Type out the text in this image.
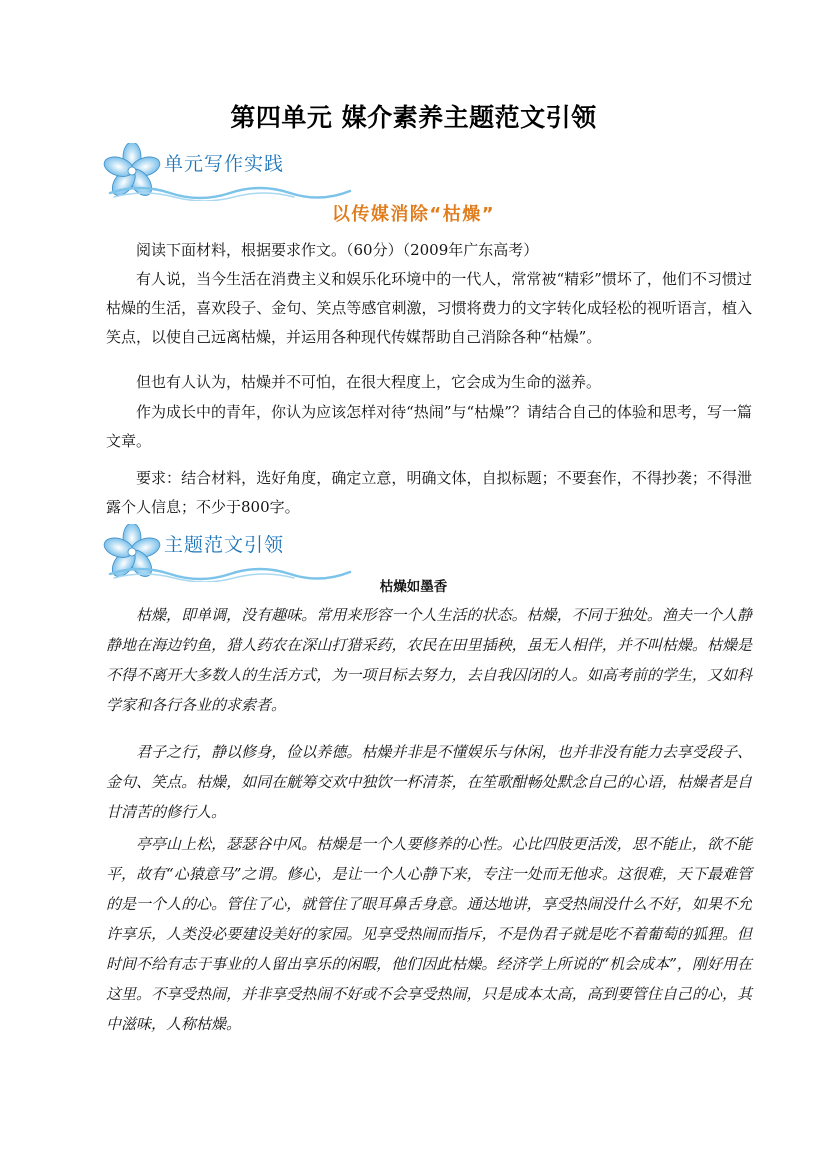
第四单元 媒介素养主题范文引领
单元写作实践
以传媒消除“枯燥”

阅读下面材料，根据要求作文。（60分）（2009年广东高考）

有人说，当今生活在消费主义和娱乐化环境中的一代人，常常被“精彩”惯坏了，他们不习惯过枯燥的生活，喜欢段子、金句、笑点等感官刺激，习惯将费力的文字转化成轻松的视听语言，植入笑点，以使自己远离枯燥，并运用各种现代传媒帮助自己消除各种“枯燥”。

但也有人认为，枯燥并不可怕，在很大程度上，它会成为生命的滋养。

作为成长中的青年，你认为应该怎样对待“热闹”与“枯燥”？请结合自己的体验和思考，写一篇文章。

要求：结合材料，选好角度，确定立意，明确文体，自拟标题；不要套作，不得抄袭；不得泄露个人信息；不少于800字。

主题范文引领
枯燥如墨香

枯燥，即单调，没有趣味。常用来形容一个人生活的状态。枯燥，不同于独处。渔夫一个人静静地在海边钓鱼，猎人药农在深山打猎采药，农民在田里插秧，虽无人相伴，并不叫枯燥。枯燥是不得不离开大多数人的生活方式，为一项目标去努力，去自我囚闭的人。如高考前的学生，又如科学家和各行各业的求索者。

君子之行，静以修身，俭以养德。枯燥并非是不懂娱乐与休闲，也并非没有能力去享受段子、金句、笑点。枯燥，如同在觥筹交欢中独饮一杯清茶，在笙歌酣畅处默念自己的心语，枯燥者是自甘清苦的修行人。

亭亭山上松，瑟瑟谷中风。枯燥是一个人要修养的心性。心比四肢更活泼，思不能止，欲不能平，故有“心猿意马”之谓。修心，是让一个人心静下来，专注一处而无他求。这很难，天下最难管的是一个人的心。管住了心，就管住了眼耳鼻舌身意。通达地讲，享受热闹没什么不好，如果不允许享乐，人类没必要建设美好的家园。见享受热闹而指斥，不是伪君子就是吃不着葡萄的狐狸。但时间不给有志于事业的人留出享乐的闲暇，他们因此枯燥。经济学上所说的“机会成本”，刚好用在这里。不享受热闹，并非享受热闹不好或不会享受热闹，只是成本太高，高到要管住自己的心，其中滋味，人称枯燥。
